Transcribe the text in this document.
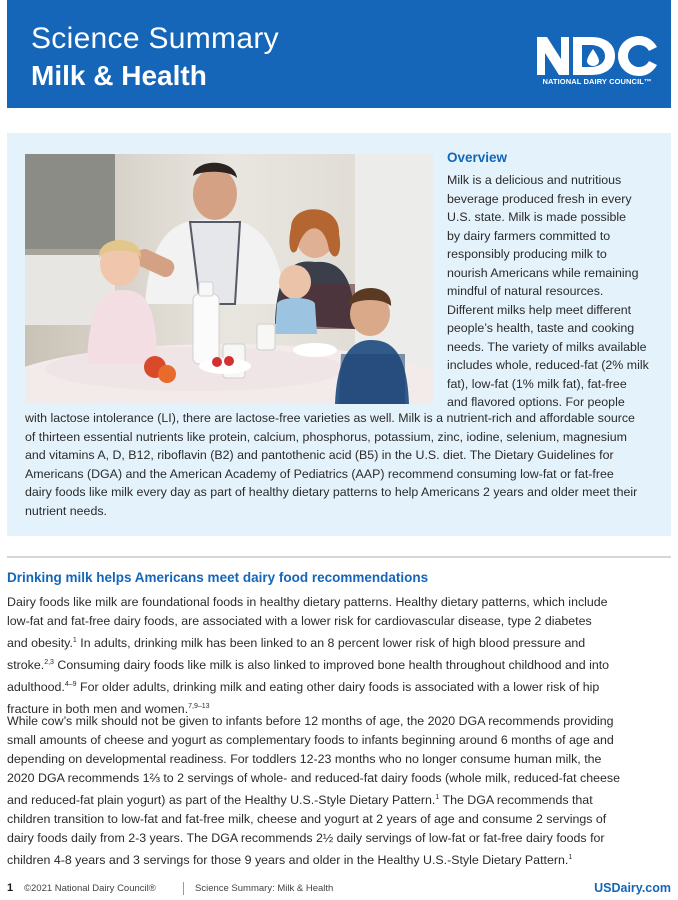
Science Summary
Milk & Health	NATIONAL DAIRY COUNCIL™
Overview
Milk is a delicious and nutritious
beverage produced fresh in every
U.S. state. Milk is made possible
by dairy farmers committed to
responsibly producing milk to
nourish Americans while remaining
mindful of natural resources.
Different milks help meet different
people’s health, taste and cooking
needs. The variety of milks available
includes whole, reduced-fat (2% milk
fat), low-fat (1% milk fat), fat-free
and flavored options. For people
with lactose intolerance (LI), there are lactose-free varieties as well. Milk is a nutrient-rich and affordable source
of thirteen essential nutrients like protein, calcium, phosphorus, potassium, zinc, iodine, selenium, magnesium
and vitamins A, D, B12, riboflavin (B2) and pantothenic acid (B5) in the U.S. diet. The Dietary Guidelines for
Americans (DGA) and the American Academy of Pediatrics (AAP) recommend consuming low-fat or fat-free
dairy foods like milk every day as part of healthy dietary patterns to help Americans 2 years and older meet their
nutrient needs.
Drinking milk helps Americans meet dairy food recommendations
Dairy foods like milk are foundational foods in healthy dietary patterns. Healthy dietary patterns, which include
low-fat and fat-free dairy foods, are associated with a lower risk for cardiovascular disease, type 2 diabetes
and obesity.$^1$ In adults, drinking milk has been linked to an 8 percent lower risk of high blood pressure and
stroke.$^{2,3}$ Consuming dairy foods like milk is also linked to improved bone health throughout childhood and into
adulthood.$^{4-9}$ For older adults, drinking milk and eating other dairy foods is associated with a lower risk of hip
fracture in both men and women.$^{7,9-13}$
While cow’s milk should not be given to infants before 12 months of age, the 2020 DGA recommends providing
small amounts of cheese and yogurt as complementary foods to infants beginning around 6 months of age and
depending on developmental readiness. For toddlers 12-23 months who no longer consume human milk, the
2020 DGA recommends 1⅔ to 2 servings of whole- and reduced-fat dairy foods (whole milk, reduced-fat cheese
and reduced-fat plain yogurt) as part of the Healthy U.S.-Style Dietary Pattern.$^1$ The DGA recommends that
children transition to low-fat and fat-free milk, cheese and yogurt at 2 years of age and consume 2 servings of
dairy foods daily from 2-3 years. The DGA recommends 2½ daily servings of low-fat or fat-free dairy foods for
children 4-8 years and 3 servings for those 9 years and older in the Healthy U.S.-Style Dietary Pattern.$^1$
1 ©2021 National Dairy Council®	Science Summary: Milk & Health	USDairy.com
